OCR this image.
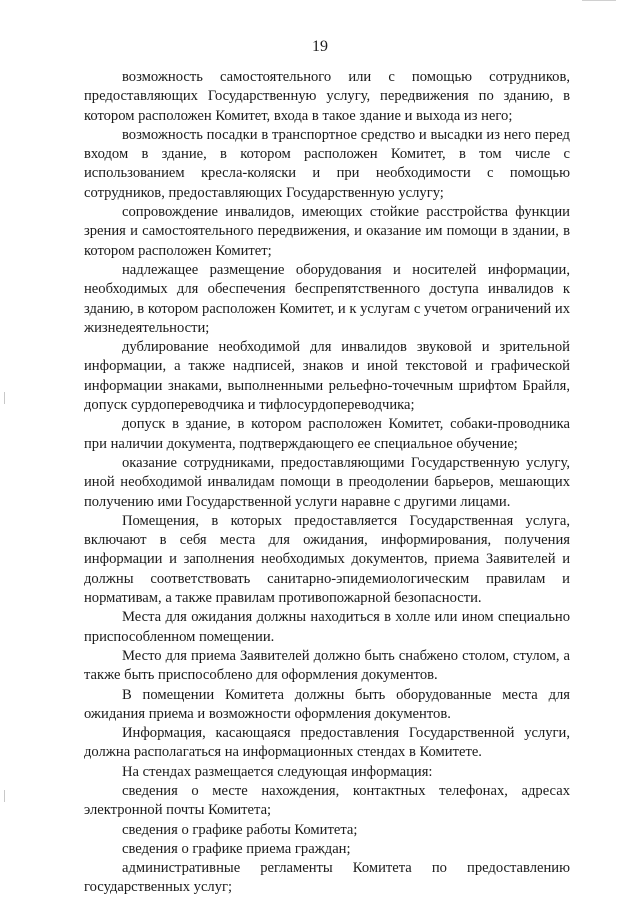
19

возможность самостоятельного или с помощью сотрудников, предоставляющих Государственную услугу, передвижения по зданию, в котором расположен Комитет, входа в такое здание и выхода из него;

возможность посадки в транспортное средство и высадки из него перед входом в здание, в котором расположен Комитет, в том числе с использованием кресла-коляски и при необходимости с помощью сотрудников, предоставляющих Государственную услугу;

сопровождение инвалидов, имеющих стойкие расстройства функции зрения и самостоятельного передвижения, и оказание им помощи в здании, в котором расположен Комитет;

надлежащее размещение оборудования и носителей информации, необходимых для обеспечения беспрепятственного доступа инвалидов к зданию, в котором расположен Комитет, и к услугам с учетом ограничений их жизнедеятельности;

дублирование необходимой для инвалидов звуковой и зрительной информации, а также надписей, знаков и иной текстовой и графической информации знаками, выполненными рельефно-точечным шрифтом Брайля, допуск сурдопереводчика и тифлосурдопереводчика;

допуск в здание, в котором расположен Комитет, собаки-проводника при наличии документа, подтверждающего ее специальное обучение;

оказание сотрудниками, предоставляющими Государственную услугу, иной необходимой инвалидам помощи в преодолении барьеров, мешающих получению ими Государственной услуги наравне с другими лицами.

Помещения, в которых предоставляется Государственная услуга, включают в себя места для ожидания, информирования, получения информации и заполнения необходимых документов, приема Заявителей и должны соответствовать санитарно-эпидемиологическим правилам и нормативам, а также правилам противопожарной безопасности.

Места для ожидания должны находиться в холле или ином специально приспособленном помещении.

Место для приема Заявителей должно быть снабжено столом, стулом, а также быть приспособлено для оформления документов.

В помещении Комитета должны быть оборудованные места для ожидания приема и возможности оформления документов.

Информация, касающаяся предоставления Государственной услуги, должна располагаться на информационных стендах в Комитете.

На стендах размещается следующая информация:

сведения о месте нахождения, контактных телефонах, адресах электронной почты Комитета;

сведения о графике работы Комитета;

сведения о графике приема граждан;

административные регламенты Комитета по предоставлению государственных услуг;
